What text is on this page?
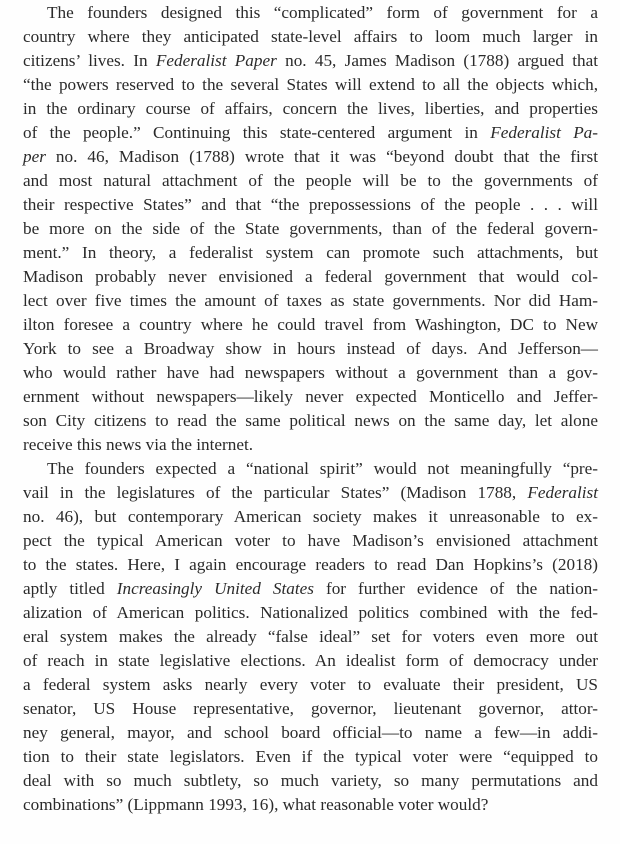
The founders designed this “complicated” form of government for a
country where they anticipated state-level affairs to loom much larger in
citizens’ lives. In Federalist Paper no. 45, James Madison (1788) argued that
“the powers reserved to the several States will extend to all the objects which,
in the ordinary course of affairs, concern the lives, liberties, and properties
of the people.” Continuing this state-centered argument in Federalist Pa-
per no. 46, Madison (1788) wrote that it was “beyond doubt that the first
and most natural attachment of the people will be to the governments of
their respective States” and that “the prepossessions of the people . . . will
be more on the side of the State governments, than of the federal govern-
ment.” In theory, a federalist system can promote such attachments, but
Madison probably never envisioned a federal government that would col-
lect over five times the amount of taxes as state governments. Nor did Ham-
ilton foresee a country where he could travel from Washington, DC to New
York to see a Broadway show in hours instead of days. And Jefferson—
who would rather have had newspapers without a government than a gov-
ernment without newspapers—likely never expected Monticello and Jeffer-
son City citizens to read the same political news on the same day, let alone
receive this news via the internet.
The founders expected a “national spirit” would not meaningfully “pre-
vail in the legislatures of the particular States” (Madison 1788, Federalist
no. 46), but contemporary American society makes it unreasonable to ex-
pect the typical American voter to have Madison’s envisioned attachment
to the states. Here, I again encourage readers to read Dan Hopkins’s (2018)
aptly titled Increasingly United States for further evidence of the nation-
alization of American politics. Nationalized politics combined with the fed-
eral system makes the already “false ideal” set for voters even more out
of reach in state legislative elections. An idealist form of democracy under
a federal system asks nearly every voter to evaluate their president, US
senator, US House representative, governor, lieutenant governor, attor-
ney general, mayor, and school board official—to name a few—in addi-
tion to their state legislators. Even if the typical voter were “equipped to
deal with so much subtlety, so much variety, so many permutations and
combinations” (Lippmann 1993, 16), what reasonable voter would?
